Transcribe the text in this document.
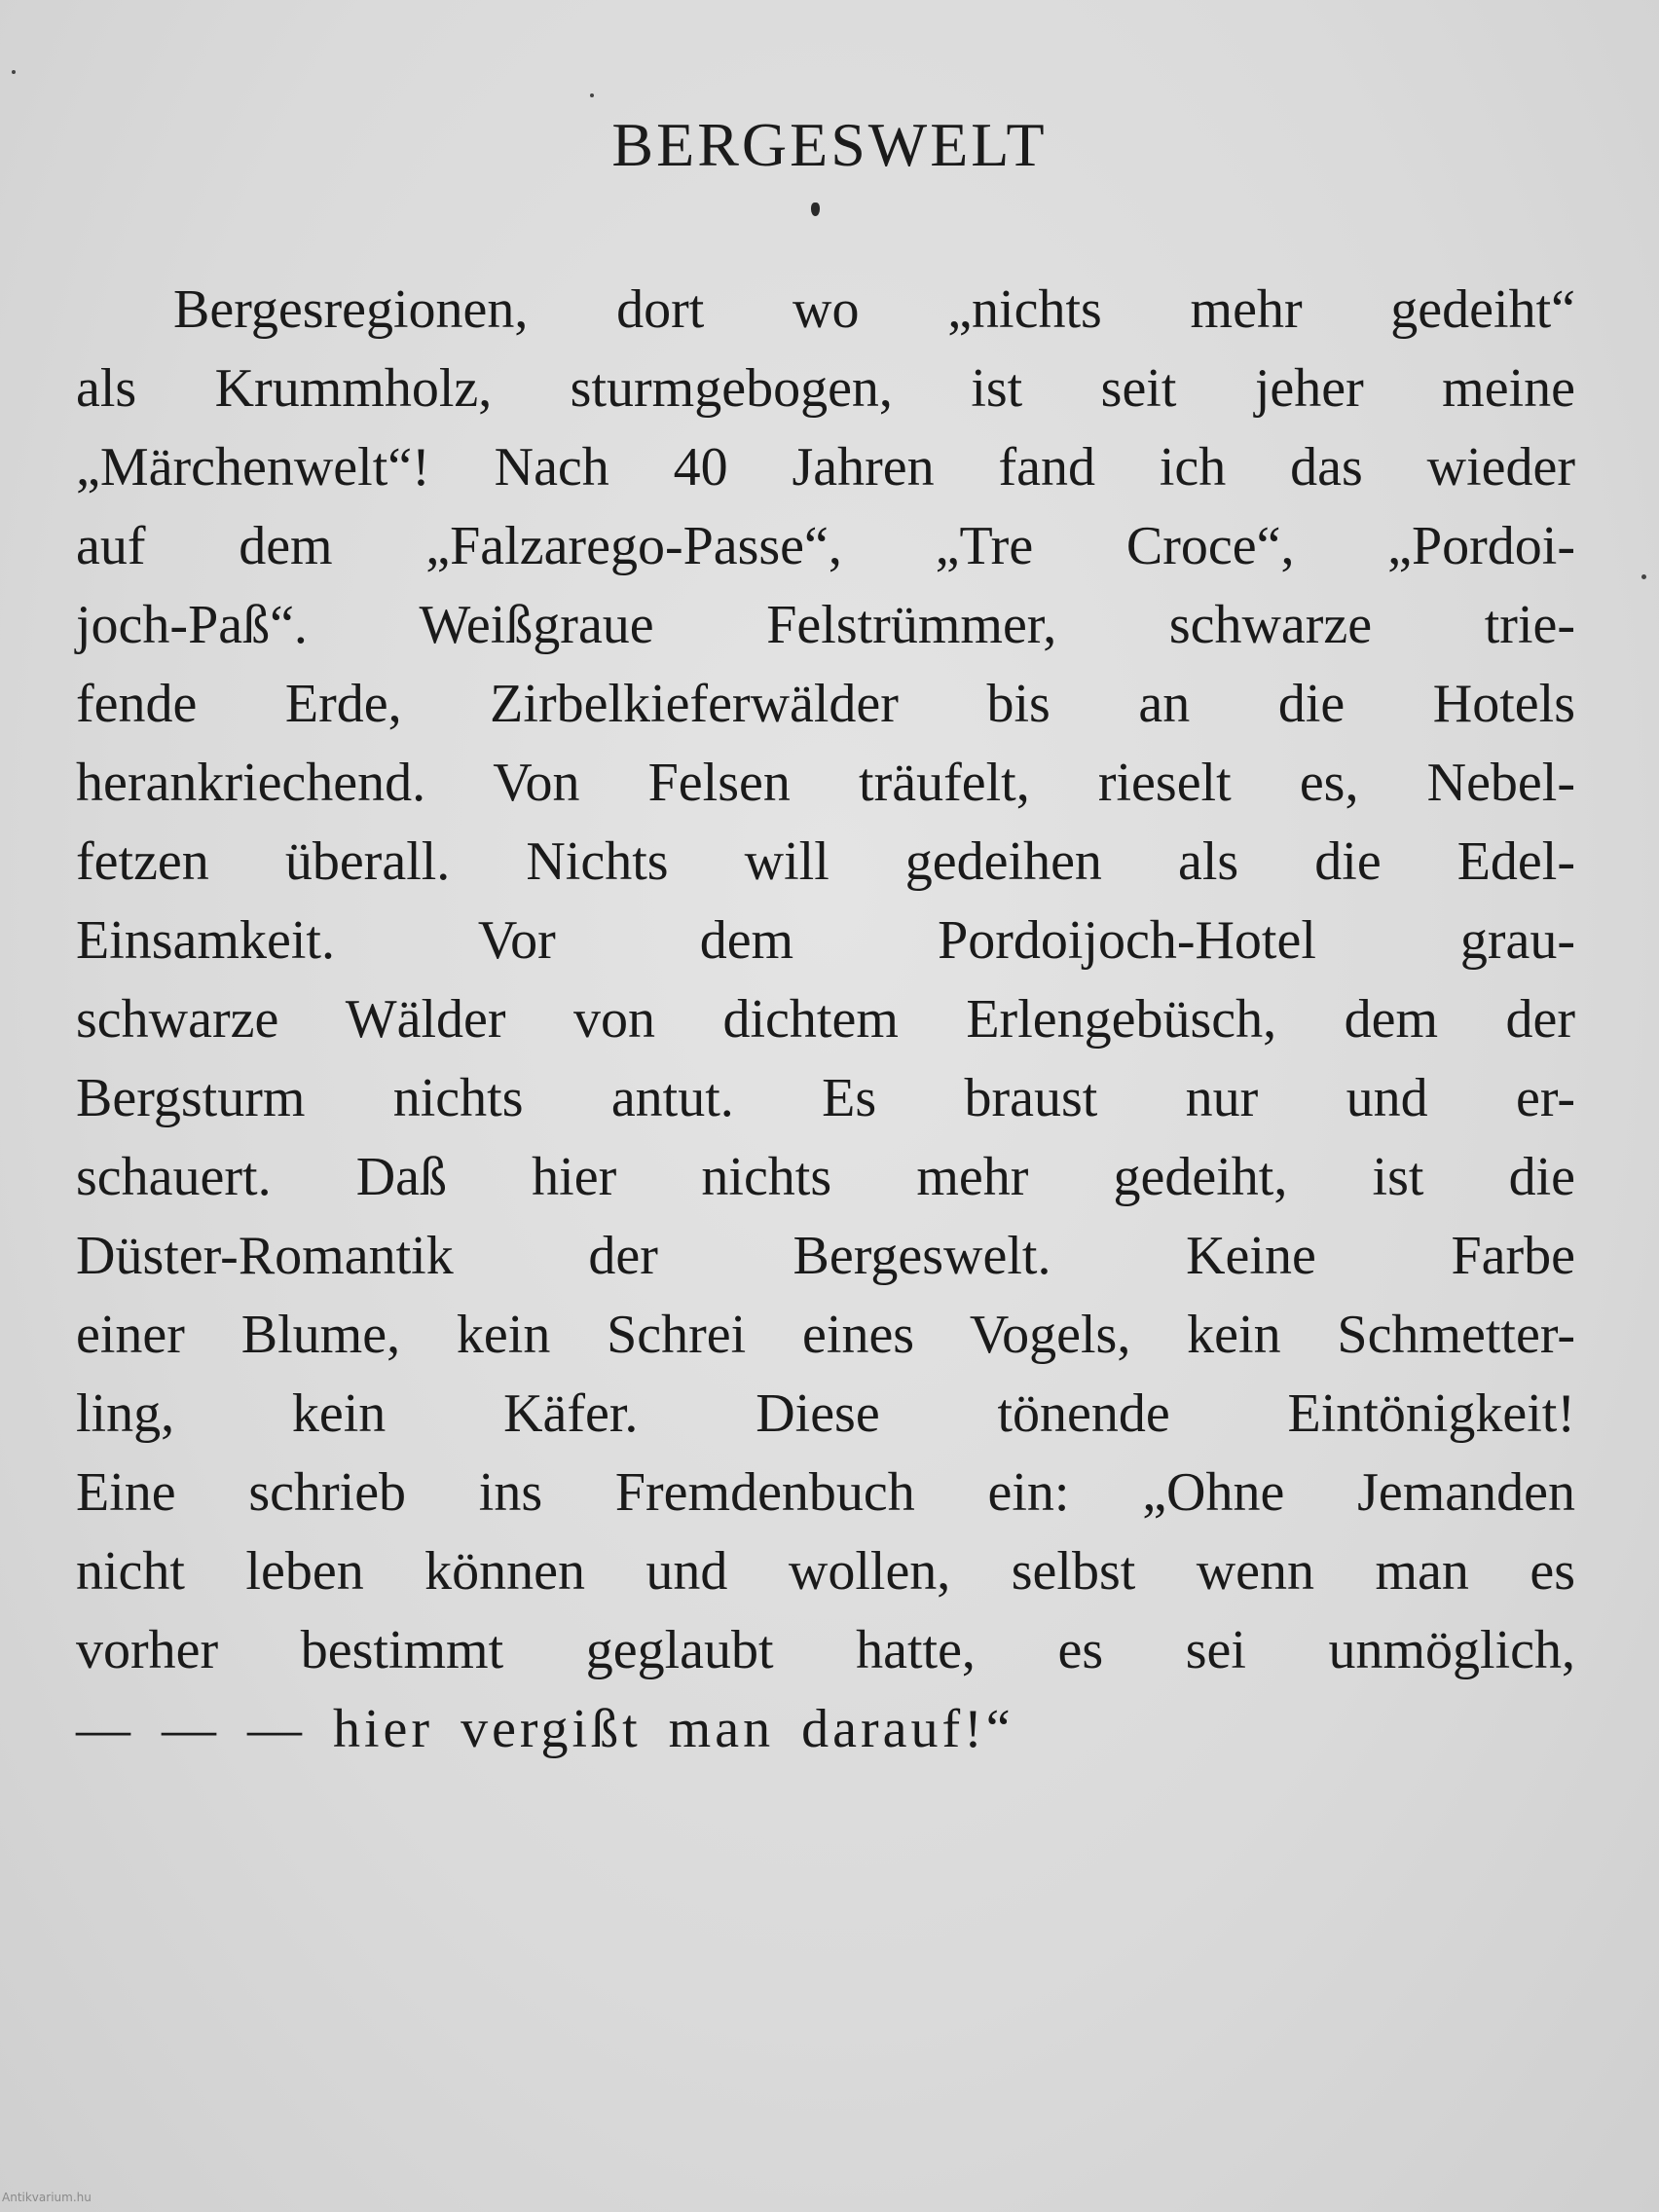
BERGESWELT
Bergesregionen, dort wo „nichts mehr gedeiht“
als Krummholz, sturmgebogen, ist seit jeher meine
„Märchenwelt“! Nach 40 Jahren fand ich das wieder
auf dem „Falzarego-Passe“, „Tre Croce“, „Pordoi-
joch-Paß“. Weißgraue Felstrümmer, schwarze trie-
fende Erde, Zirbelkieferwälder bis an die Hotels
herankriechend. Von Felsen träufelt, rieselt es, Nebel-
fetzen überall. Nichts will gedeihen als die Edel-
Einsamkeit. Vor dem Pordoijoch-Hotel grau-
schwarze Wälder von dichtem Erlengebüsch, dem der
Bergsturm nichts antut. Es braust nur und er-
schauert. Daß hier nichts mehr gedeiht, ist die
Düster-Romantik der Bergeswelt. Keine Farbe
einer Blume, kein Schrei eines Vogels, kein Schmetter-
ling, kein Käfer. Diese tönende Eintönigkeit!
Eine schrieb ins Fremdenbuch ein: „Ohne Jemanden
nicht leben können und wollen, selbst wenn man es
vorher bestimmt geglaubt hatte, es sei unmöglich,
— — — hier vergißt man darauf!“
Antikvarium.hu
